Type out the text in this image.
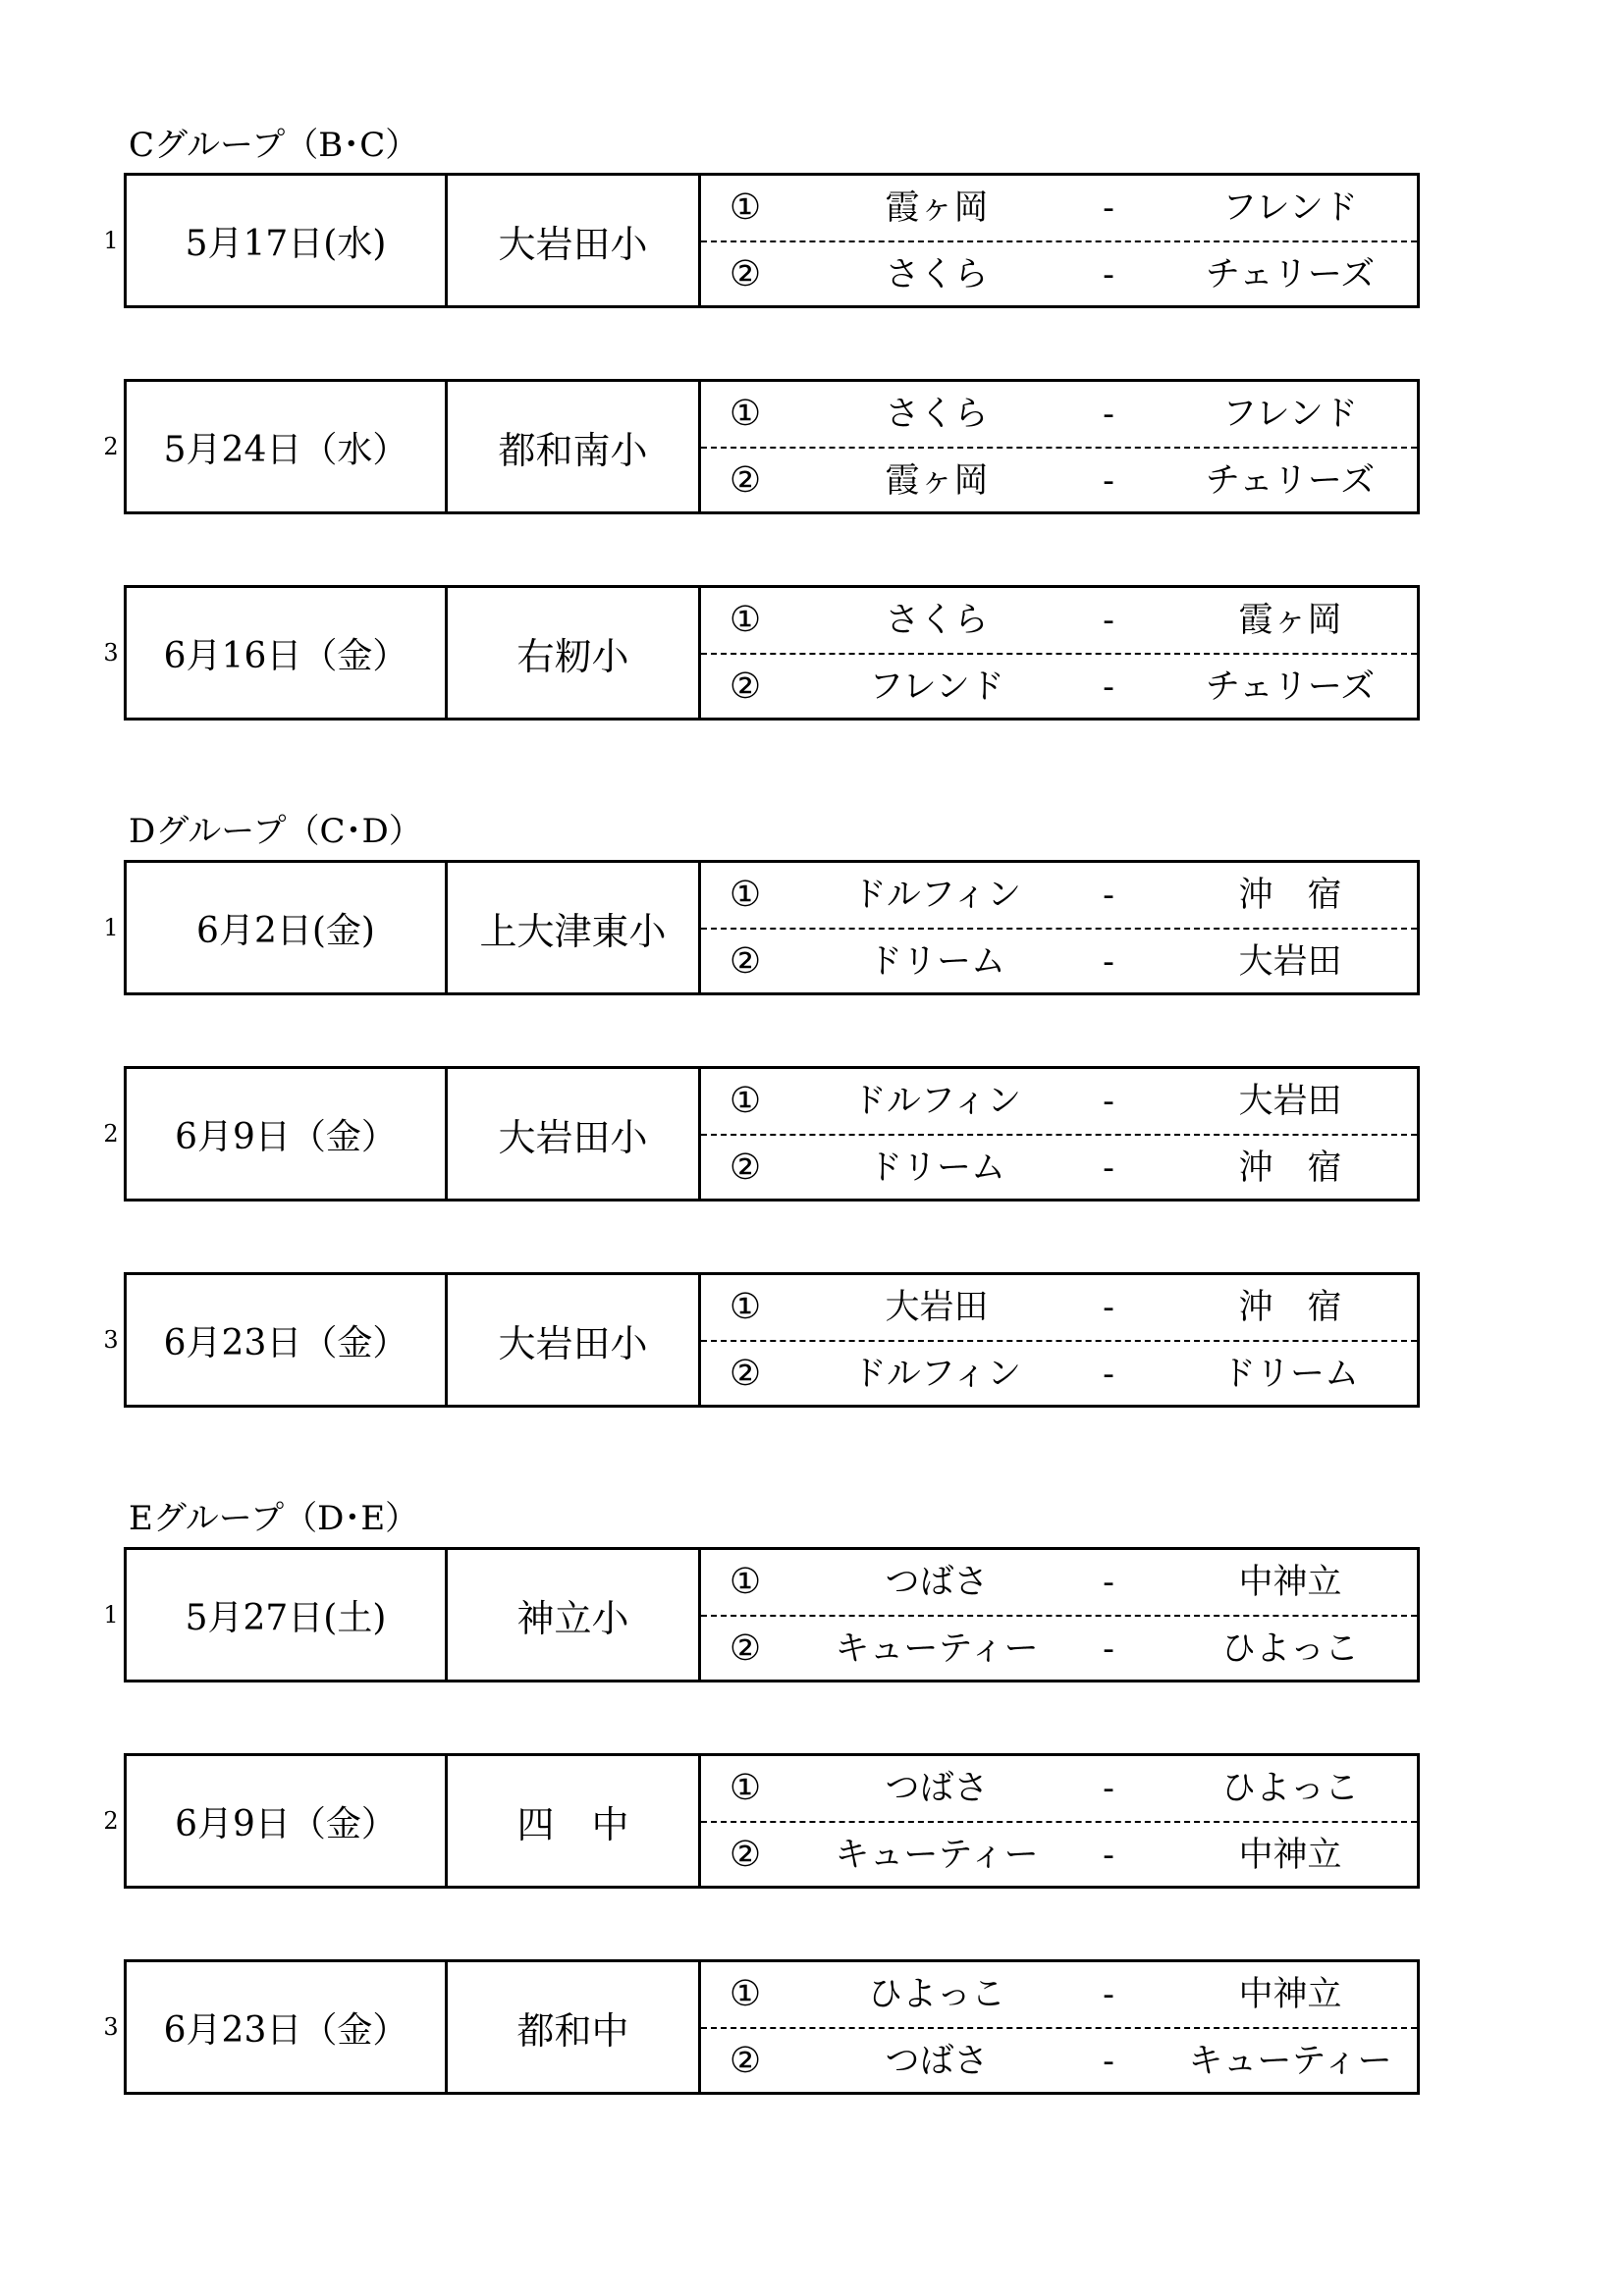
Cグループ（B･C）
1	5月17日(水)	大岩田小
①	霞ヶ岡	-	フレンド
②	さくら	-	チェリーズ
2	5月24日（水）	都和南小
①	さくら	-	フレンド
②	霞ヶ岡	-	チェリーズ
3	6月16日（金）	右籾小
①	さくら	-	霞ヶ岡
②	フレンド	-	チェリーズ
Dグループ（C･D）
1	6月2日(金)	上大津東小
①	ドルフィン	-	沖　宿
②	ドリーム	-	大岩田
2	6月9日（金）	大岩田小
①	ドルフィン	-	大岩田
②	ドリーム	-	沖　宿
3	6月23日（金）	大岩田小
①	大岩田	-	沖　宿
②	ドルフィン	-	ドリーム
Eグループ（D･E）
1	5月27日(土)	神立小
①	つばさ	-	中神立
②	キューティー	-	ひよっこ
2	6月9日（金）	四　中
①	つばさ	-	ひよっこ
②	キューティー	-	中神立
3	6月23日（金）	都和中
①	ひよっこ	-	中神立
②	つばさ	-	キューティー
